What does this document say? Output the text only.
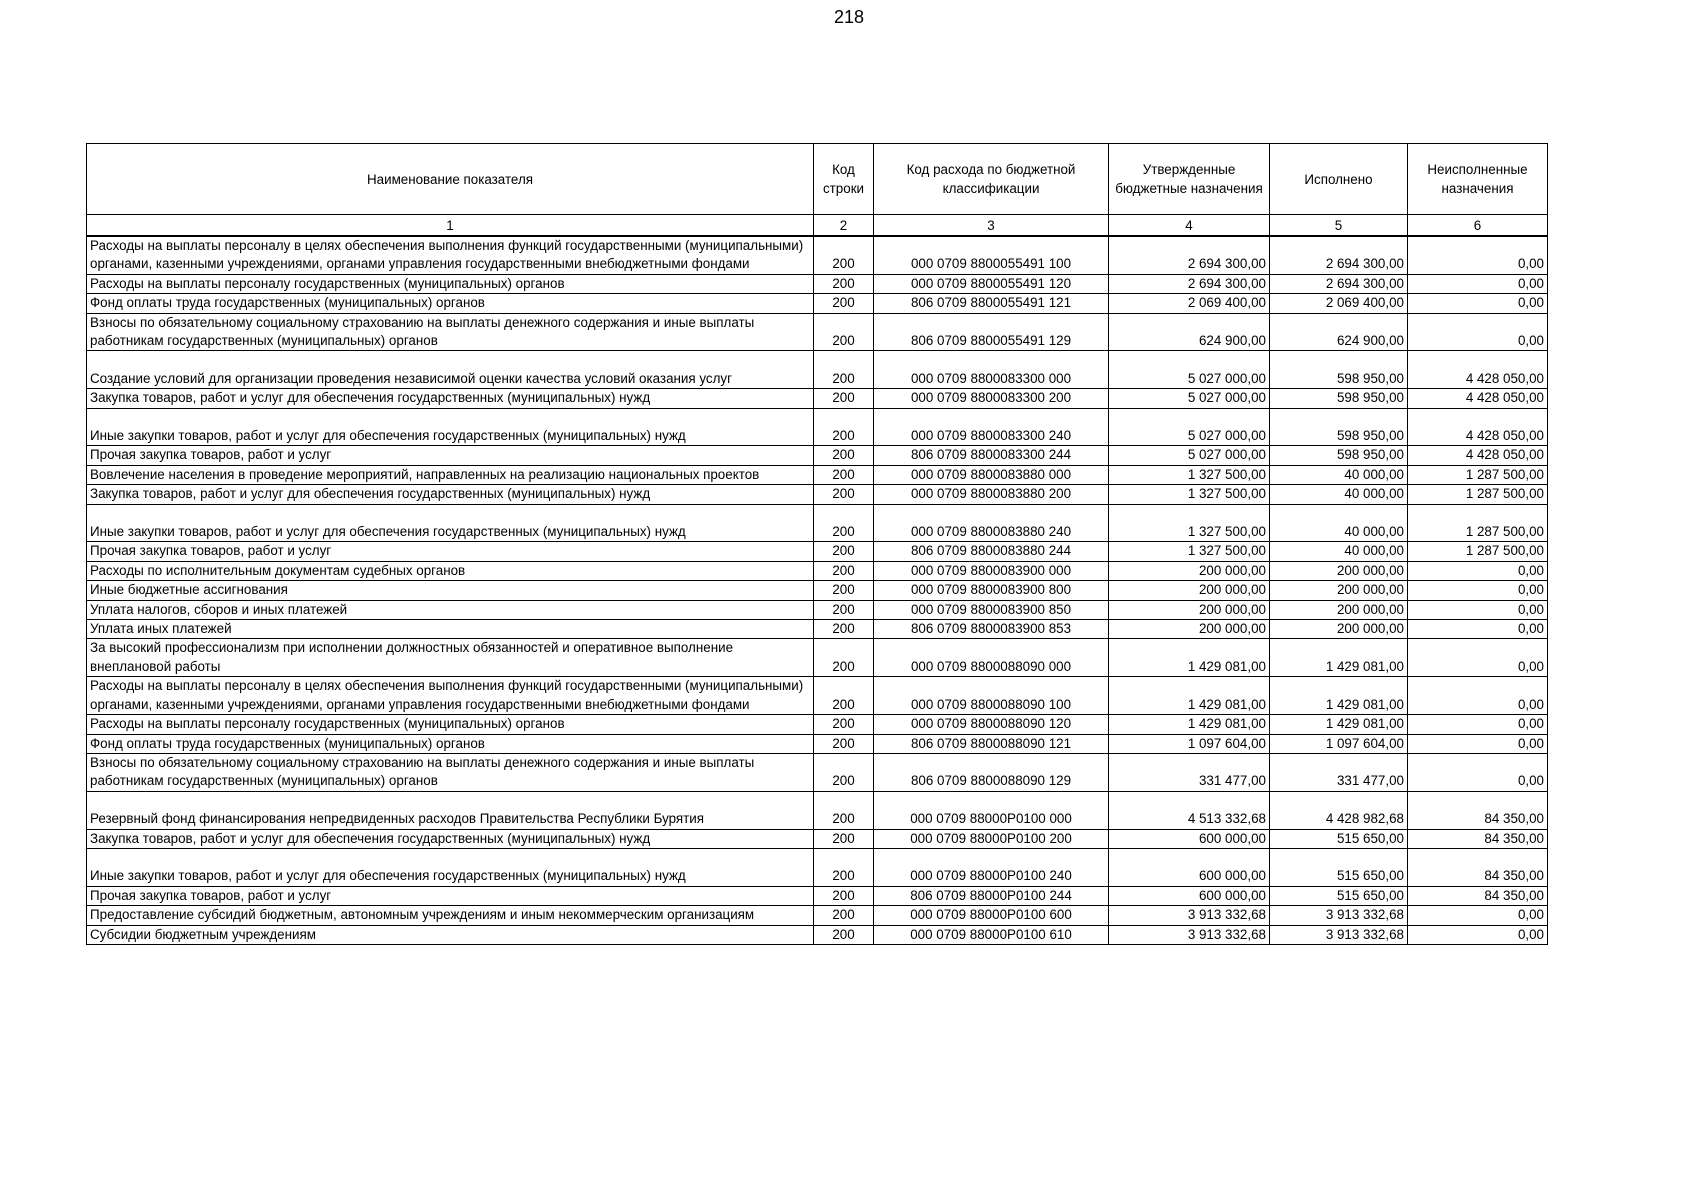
218
Наименование показателя	Код строки	Код расхода по бюджетной классификации	Утвержденные бюджетные назначения	Исполнено	Неисполненные назначения
1	2	3	4	5	6
Расходы на выплаты персоналу в целях обеспечения выполнения функций государственными (муниципальными) органами, казенными учреждениями, органами управления государственными внебюджетными фондами	200	000 0709 8800055491 100	2 694 300,00	2 694 300,00	0,00
Расходы на выплаты персоналу государственных (муниципальных) органов	200	000 0709 8800055491 120	2 694 300,00	2 694 300,00	0,00
Фонд оплаты труда государственных (муниципальных) органов	200	806 0709 8800055491 121	2 069 400,00	2 069 400,00	0,00
Взносы по обязательному социальному страхованию на выплаты денежного содержания и иные выплаты работникам государственных (муниципальных) органов	200	806 0709 8800055491 129	624 900,00	624 900,00	0,00
Создание условий для организации проведения независимой оценки качества условий оказания услуг	200	000 0709 8800083300 000	5 027 000,00	598 950,00	4 428 050,00
Закупка товаров, работ и услуг для обеспечения государственных (муниципальных) нужд	200	000 0709 8800083300 200	5 027 000,00	598 950,00	4 428 050,00
Иные закупки товаров, работ и услуг для обеспечения государственных (муниципальных) нужд	200	000 0709 8800083300 240	5 027 000,00	598 950,00	4 428 050,00
Прочая закупка товаров, работ и услуг	200	806 0709 8800083300 244	5 027 000,00	598 950,00	4 428 050,00
Вовлечение населения в проведение мероприятий, направленных на реализацию национальных проектов	200	000 0709 8800083880 000	1 327 500,00	40 000,00	1 287 500,00
Закупка товаров, работ и услуг для обеспечения государственных (муниципальных) нужд	200	000 0709 8800083880 200	1 327 500,00	40 000,00	1 287 500,00
Иные закупки товаров, работ и услуг для обеспечения государственных (муниципальных) нужд	200	000 0709 8800083880 240	1 327 500,00	40 000,00	1 287 500,00
Прочая закупка товаров, работ и услуг	200	806 0709 8800083880 244	1 327 500,00	40 000,00	1 287 500,00
Расходы по исполнительным документам судебных органов	200	000 0709 8800083900 000	200 000,00	200 000,00	0,00
Иные бюджетные ассигнования	200	000 0709 8800083900 800	200 000,00	200 000,00	0,00
Уплата налогов, сборов и иных платежей	200	000 0709 8800083900 850	200 000,00	200 000,00	0,00
Уплата иных платежей	200	806 0709 8800083900 853	200 000,00	200 000,00	0,00
За высокий профессионализм при исполнении должностных обязанностей и оперативное выполнение внеплановой работы	200	000 0709 8800088090 000	1 429 081,00	1 429 081,00	0,00
Расходы на выплаты персоналу в целях обеспечения выполнения функций государственными (муниципальными) органами, казенными учреждениями, органами управления государственными внебюджетными фондами	200	000 0709 8800088090 100	1 429 081,00	1 429 081,00	0,00
Расходы на выплаты персоналу государственных (муниципальных) органов	200	000 0709 8800088090 120	1 429 081,00	1 429 081,00	0,00
Фонд оплаты труда государственных (муниципальных) органов	200	806 0709 8800088090 121	1 097 604,00	1 097 604,00	0,00
Взносы по обязательному социальному страхованию на выплаты денежного содержания и иные выплаты работникам государственных (муниципальных) органов	200	806 0709 8800088090 129	331 477,00	331 477,00	0,00
Резервный фонд финансирования непредвиденных расходов Правительства Республики Бурятия	200	000 0709 88000P0100 000	4 513 332,68	4 428 982,68	84 350,00
Закупка товаров, работ и услуг для обеспечения государственных (муниципальных) нужд	200	000 0709 88000P0100 200	600 000,00	515 650,00	84 350,00
Иные закупки товаров, работ и услуг для обеспечения государственных (муниципальных) нужд	200	000 0709 88000P0100 240	600 000,00	515 650,00	84 350,00
Прочая закупка товаров, работ и услуг	200	806 0709 88000P0100 244	600 000,00	515 650,00	84 350,00
Предоставление субсидий бюджетным, автономным учреждениям и иным некоммерческим организациям	200	000 0709 88000P0100 600	3 913 332,68	3 913 332,68	0,00
Субсидии бюджетным учреждениям	200	000 0709 88000P0100 610	3 913 332,68	3 913 332,68	0,00
